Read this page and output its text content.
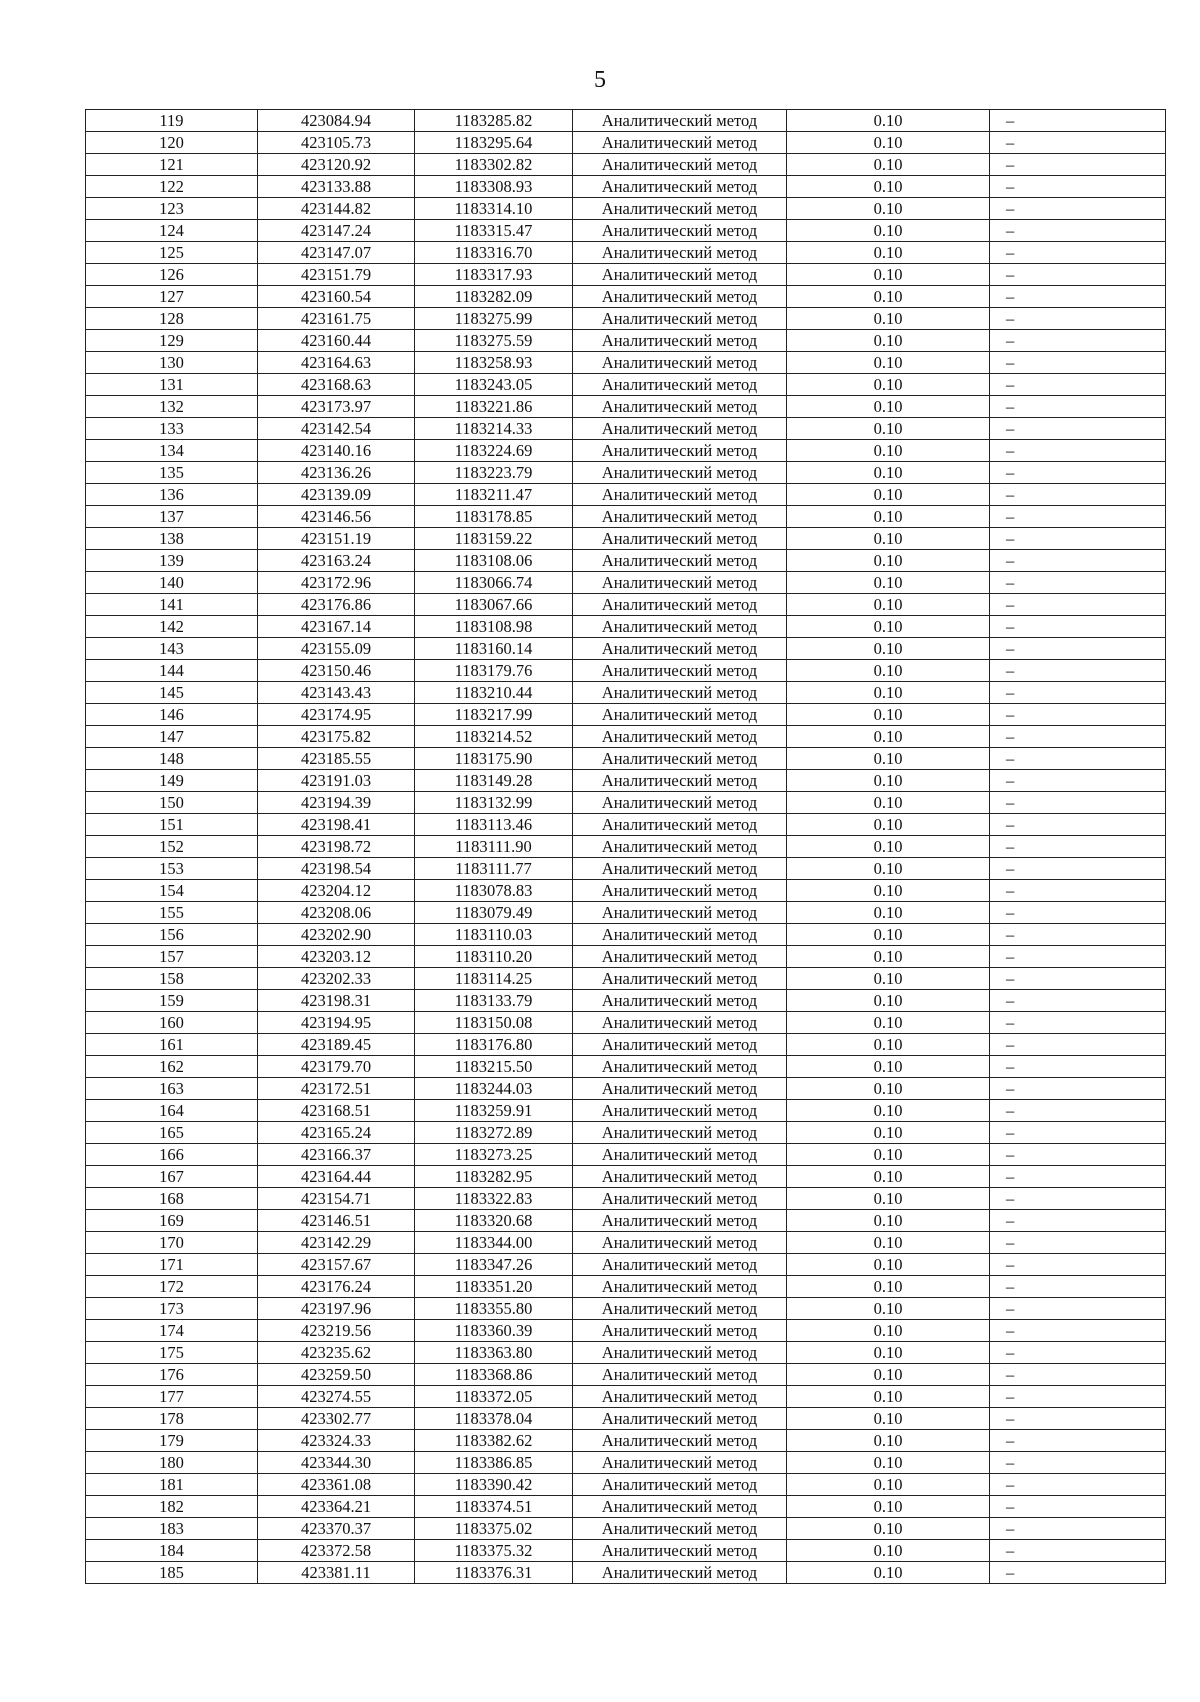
5
119	423084.94	1183285.82	Аналитический метод	0.10	–
120	423105.73	1183295.64	Аналитический метод	0.10	–
121	423120.92	1183302.82	Аналитический метод	0.10	–
122	423133.88	1183308.93	Аналитический метод	0.10	–
123	423144.82	1183314.10	Аналитический метод	0.10	–
124	423147.24	1183315.47	Аналитический метод	0.10	–
125	423147.07	1183316.70	Аналитический метод	0.10	–
126	423151.79	1183317.93	Аналитический метод	0.10	–
127	423160.54	1183282.09	Аналитический метод	0.10	–
128	423161.75	1183275.99	Аналитический метод	0.10	–
129	423160.44	1183275.59	Аналитический метод	0.10	–
130	423164.63	1183258.93	Аналитический метод	0.10	–
131	423168.63	1183243.05	Аналитический метод	0.10	–
132	423173.97	1183221.86	Аналитический метод	0.10	–
133	423142.54	1183214.33	Аналитический метод	0.10	–
134	423140.16	1183224.69	Аналитический метод	0.10	–
135	423136.26	1183223.79	Аналитический метод	0.10	–
136	423139.09	1183211.47	Аналитический метод	0.10	–
137	423146.56	1183178.85	Аналитический метод	0.10	–
138	423151.19	1183159.22	Аналитический метод	0.10	–
139	423163.24	1183108.06	Аналитический метод	0.10	–
140	423172.96	1183066.74	Аналитический метод	0.10	–
141	423176.86	1183067.66	Аналитический метод	0.10	–
142	423167.14	1183108.98	Аналитический метод	0.10	–
143	423155.09	1183160.14	Аналитический метод	0.10	–
144	423150.46	1183179.76	Аналитический метод	0.10	–
145	423143.43	1183210.44	Аналитический метод	0.10	–
146	423174.95	1183217.99	Аналитический метод	0.10	–
147	423175.82	1183214.52	Аналитический метод	0.10	–
148	423185.55	1183175.90	Аналитический метод	0.10	–
149	423191.03	1183149.28	Аналитический метод	0.10	–
150	423194.39	1183132.99	Аналитический метод	0.10	–
151	423198.41	1183113.46	Аналитический метод	0.10	–
152	423198.72	1183111.90	Аналитический метод	0.10	–
153	423198.54	1183111.77	Аналитический метод	0.10	–
154	423204.12	1183078.83	Аналитический метод	0.10	–
155	423208.06	1183079.49	Аналитический метод	0.10	–
156	423202.90	1183110.03	Аналитический метод	0.10	–
157	423203.12	1183110.20	Аналитический метод	0.10	–
158	423202.33	1183114.25	Аналитический метод	0.10	–
159	423198.31	1183133.79	Аналитический метод	0.10	–
160	423194.95	1183150.08	Аналитический метод	0.10	–
161	423189.45	1183176.80	Аналитический метод	0.10	–
162	423179.70	1183215.50	Аналитический метод	0.10	–
163	423172.51	1183244.03	Аналитический метод	0.10	–
164	423168.51	1183259.91	Аналитический метод	0.10	–
165	423165.24	1183272.89	Аналитический метод	0.10	–
166	423166.37	1183273.25	Аналитический метод	0.10	–
167	423164.44	1183282.95	Аналитический метод	0.10	–
168	423154.71	1183322.83	Аналитический метод	0.10	–
169	423146.51	1183320.68	Аналитический метод	0.10	–
170	423142.29	1183344.00	Аналитический метод	0.10	–
171	423157.67	1183347.26	Аналитический метод	0.10	–
172	423176.24	1183351.20	Аналитический метод	0.10	–
173	423197.96	1183355.80	Аналитический метод	0.10	–
174	423219.56	1183360.39	Аналитический метод	0.10	–
175	423235.62	1183363.80	Аналитический метод	0.10	–
176	423259.50	1183368.86	Аналитический метод	0.10	–
177	423274.55	1183372.05	Аналитический метод	0.10	–
178	423302.77	1183378.04	Аналитический метод	0.10	–
179	423324.33	1183382.62	Аналитический метод	0.10	–
180	423344.30	1183386.85	Аналитический метод	0.10	–
181	423361.08	1183390.42	Аналитический метод	0.10	–
182	423364.21	1183374.51	Аналитический метод	0.10	–
183	423370.37	1183375.02	Аналитический метод	0.10	–
184	423372.58	1183375.32	Аналитический метод	0.10	–
185	423381.11	1183376.31	Аналитический метод	0.10	–
